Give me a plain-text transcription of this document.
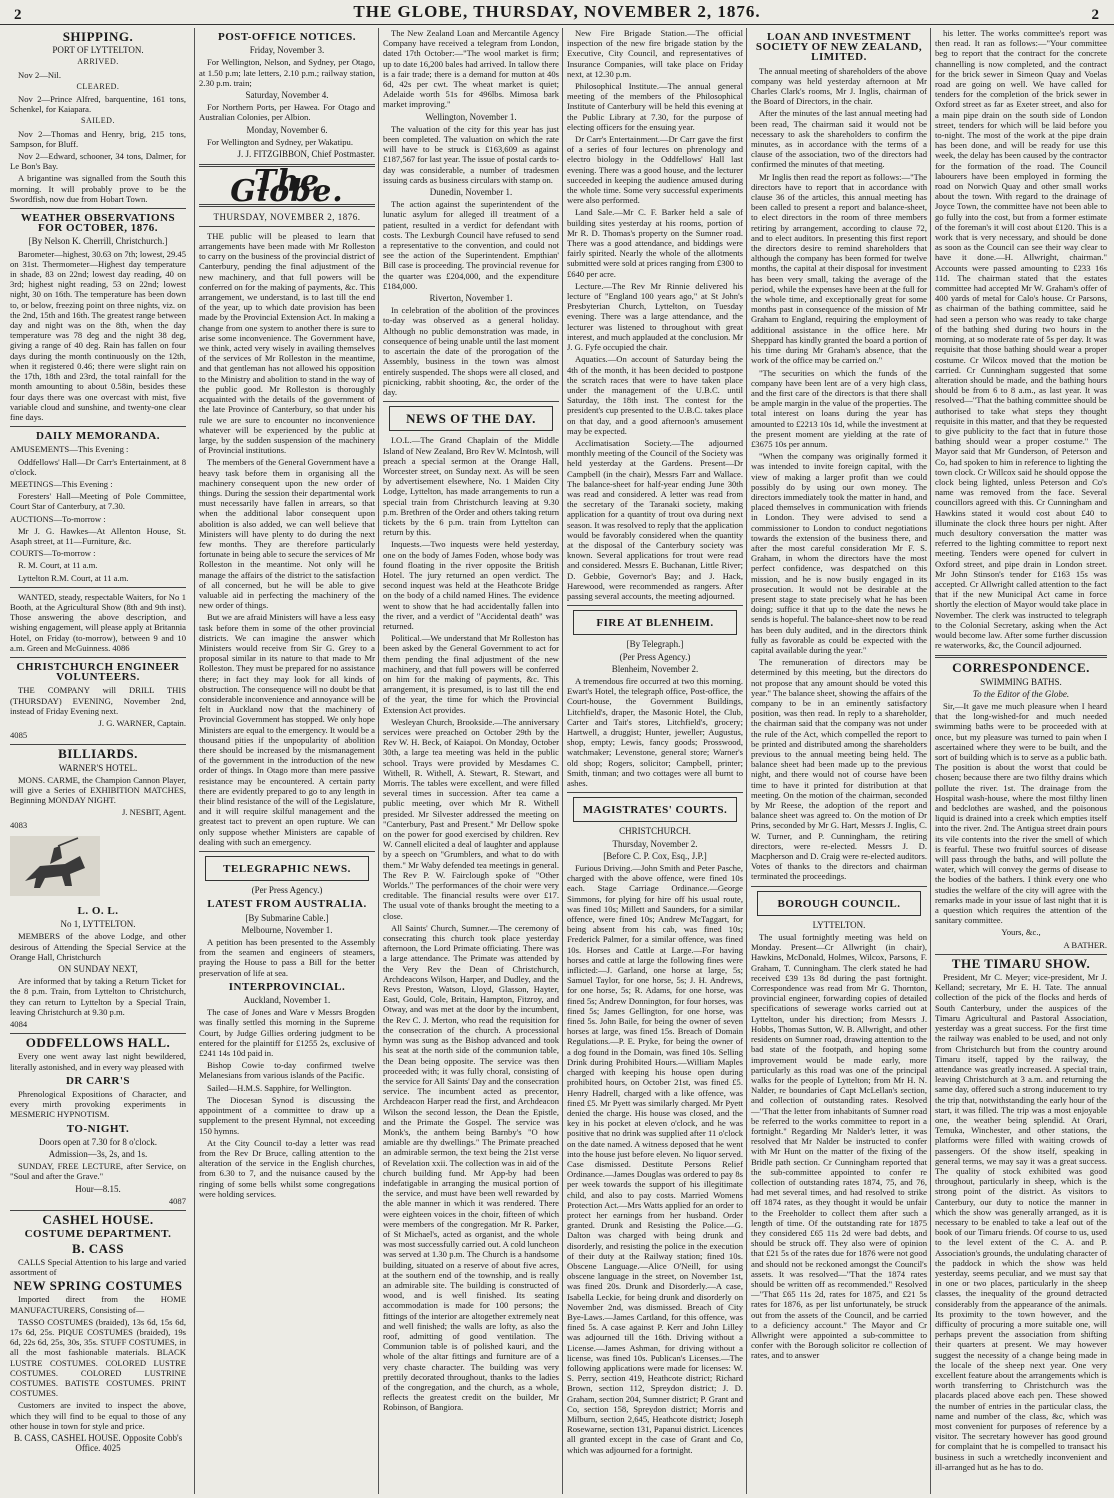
2	THE GLOBE, THURSDAY, NOVEMBER 2, 1876.	2
SHIPPING.
PORT OF LYTTELTON.
ARRIVED.

Nov 2—Nil.

CLEARED.

Nov 2—Prince Alfred, barquentine, 161 tons, Schenkel, for Kaiapara.

SAILED.

Nov 2—Thomas and Henry, brig, 215 tons, Sampson, for Bluff.

Nov 2—Edward, schooner, 34 tons, Dalmer, for Le Bon's Bay.

A brigantine was signalled from the South this morning. It will probably prove to be the Swordfish, now due from Hobart Town.

WEATHER OBSERVATIONS FOR OCTOBER, 1876.
[By Nelson K. Cherrill, Christchurch.]

Barometer—highest, 30.63 on 7th; lowest, 29.45 on 31st. Thermometer—Highest day temperature in shade, 83 on 22nd; lowest day reading, 40 on 3rd; highest night reading, 53 on 22nd; lowest night, 30 on 16th. The temperature has been down to, or below, freezing point on three nights, viz. on the 2nd, 15th and 16th. The greatest range between day and night was on the 8th, when the day temperature was 78 deg and the night 38 deg, giving a range of 40 deg. Rain has fallen on four days during the month continuously on the 12th, when it registered 0.46; there were slight rain on the 17th, 18th and 23rd, the total rainfall for the month amounting to about 0.58in, besides these four days there was one overcast with mist, five variable cloud and sunshine, and twenty-one clear fine days.

DAILY MEMORANDA.
AMUSEMENTS—This Evening :

Oddfellows' Hall—Dr Carr's Entertainment, at 8 o'clock.

MEETINGS—This Evening :

Foresters' Hall—Meeting of Pole Committee, Court Star of Canterbury, at 7.30.

AUCTIONS—To-morrow :

Mr J. G. Hawkes—At Allenton House, St. Asaph street, at 11—Furniture, &c.

COURTS—To-morrow :

R. M. Court, at 11 a.m.

Lyttelton R.M. Court, at 11 a.m.

WANTED, steady, respectable Waiters, for No 1 Booth, at the Agricultural Show (8th and 9th inst). Those answering the above description, and wishing engagement, will please apply at Britannia Hotel, on Friday (to-morrow), between 9 and 10 a.m. Green and McGuinness. 4086

CHRISTCHURCH ENGINEER VOLUNTEERS.

THE COMPANY will DRILL THIS (THURSDAY) EVENING, November 2nd, instead of Friday Evening next.

J. G. WARNER, Captain.
4085
BILLIARDS.
WARNER'S HOTEL.

MONS. CARME, the Champion Cannon Player, will give a Series of EXHIBITION MATCHES, Beginning MONDAY NIGHT.

J. NESBIT, Agent.
4083
L. O. L.
No 1, LYTTELTON.

MEMBERS of the above Lodge, and other desirous of Attending the Special Service at the Orange Hall, Christchurch

ON SUNDAY NEXT,

Are informed that by taking a Return Ticket for the 8 p.m. Train, from Lyttelton to Christchurch, they can return to Lyttelton by a Special Train, leaving Christchurch at 9.30 p.m.

4084
ODDFELLOWS HALL.

Every one went away last night bewildered, literally astonished, and in every way pleased with

DR CARR'S

Phrenological Expositions of Character, and every mirth provoking experiments in MESMERIC HYPNOTISM.

TO-NIGHT.
Doors open at 7.30 for 8 o'clock.
Admission—3s, 2s, and 1s.

SUNDAY, FREE LECTURE, after Service, on "Soul and after the Grave."

Hour—8.15.
4087
CASHEL HOUSE.
COSTUME DEPARTMENT.
B. CASS

CALLS Special Attention to his large and varied assortment of

NEW SPRING COSTUMES

Imported direct from the HOME MANUFACTURERS, Consisting of—

TASSO COSTUMES (braided), 13s 6d, 15s 6d, 17s 6d, 25s. PIQUE COSTUMES (braided), 19s 6d, 22s 6d, 25s, 30s, 35s. STUFF COSTUMES, in all the most fashionable materials. BLACK LUSTRE COSTUMES. COLORED LUSTRE COSTUMES. COLORED LUSTRINE COSTUMES. BATISTE COSTUMES. PRINT COSTUMES.

Customers are invited to inspect the above, which they will find to be equal to those of any other house in town for style and price.

B. CASS, CASHEL HOUSE. Opposite Cobb's Office. 4025
POST-OFFICE NOTICES.
Friday, November 3.

For Wellington, Nelson, and Sydney, per Otago, at 1.50 p.m; late letters, 2.10 p.m.; railway station, 2.30 p.m. train;

Saturday, November 4.

For Northern Ports, per Hawea. For Otago and Australian Colonies, per Albion.

Monday, November 6.

For Wellington and Sydney, per Wakatipu.

J. J. FITZGIBBON, Chief Postmaster.
The Globe.
THURSDAY, NOVEMBER 2, 1876.

THE public will be pleased to learn that arrangements have been made with Mr Rolleston to carry on the business of the provincial district of Canterbury, pending the final adjustment of the new machinery, and that full powers will be conferred on for the making of payments, &c. This arrangement, we understand, is to last till the end of the year, up to which date provision has been made by the Provincial Extension Act. In making a change from one system to another there is sure to arise some inconvenience. The Government have, we think, acted very wisely in availing themselves of the services of Mr Rolleston in the meantime, and that gentleman has not allowed his opposition to the Ministry and abolition to stand in the way of the public good. Mr Rolleston is thoroughly acquainted with the details of the government of the late Province of Canterbury, so that under his rule we are sure to encounter no inconvenience whatever will be experienced by the public at large, by the sudden suspension of the machinery of Provincial institutions.

The members of the General Government have a heavy task before them in organising all the machinery consequent upon the new order of things. During the session their departmental work must necessarily have fallen in arrears, so that when the additional labor consequent upon abolition is also added, we can well believe that Ministers will have plenty to do during the next few months. They are therefore particularly fortunate in being able to secure the services of Mr Rolleston in the meantime. Not only will he manage the affairs of the district to the satisfaction of all concerned, but he will be able to give valuable aid in perfecting the machinery of the new order of things.

But we are afraid Ministers will have a less easy task before them in some of the other provincial districts. We can imagine the answer which Ministers would receive from Sir G. Grey to a proposal similar in its nature to that made to Mr Rolleston. They must be prepared for no assistance there; in fact they may look for all kinds of obstruction. The consequence will no doubt be that considerable inconvenience and annoyance will be felt in Auckland now that the machinery of Provincial Government has stopped. We only hope Ministers are equal to the emergency. It would be a thousand pities if the unpopularity of abolition there should be increased by the mismanagement of the government in the introduction of the new order of things. In Otago more than mere passive resistance may be encountered. A certain party there are evidently prepared to go to any length in their blind resistance of the will of the Legislature, and it will require skilful management and the greatest tact to prevent an open rupture. We can only suppose whether Ministers are capable of dealing with such an emergency.

TELEGRAPHIC NEWS.
(Per Press Agency.)
LATEST FROM AUSTRALIA.
[By Submarine Cable.]
Melbourne, November 1.

A petition has been presented to the Assembly from the seamen and engineers of steamers, praying the House to pass a Bill for the better preservation of life at sea.

INTERPROVINCIAL.
Auckland, November 1.

The case of Jones and Ware v Messrs Brogden was finally settled this morning in the Supreme Court, by Judge Gillies ordering judgment to be entered for the plaintiff for £1255 2s, exclusive of £241 14s 10d paid in.

Bishop Cowie to-day confirmed twelve Melanesians from various islands of the Pacific.

Sailed—H.M.S. Sapphire, for Wellington.

The Diocesan Synod is discussing the appointment of a committee to draw up a supplement to the present Hymnal, not exceeding 150 hymns.

At the City Council to-day a letter was read from the Rev Dr Bruce, calling attention to the alteration of the service in the English churches, from 6.30 to 7, and the nuisance caused by the ringing of some bells whilst some congregations were holding services.

The New Zealand Loan and Mercantile Agency Company have received a telegram from London, dated 17th October:—"The wool market is firm; up to date 16,200 bales had arrived. In tallow there is a fair trade; there is a demand for mutton at 40s 6d, 42s per cwt. The wheat market is quiet; Adelaide worth 51s for 496lbs. Mimosa bark market improving."

Wellington, November 1.

The valuation of the city for this year has just been completed. The valuation on which the rate will have to be struck is £163,609 as against £187,567 for last year. The issue of postal cards to-day was considerable, a number of tradesmen issuing cards as business circulars with stamp on.

Dunedin, November 1.

The action against the superintendent of the lunatic asylum for alleged ill treatment of a patient, resulted in a verdict for defendant with costs. The Lexburgh Council have refused to send a representative to the convention, and could not see the action of the Superintendent. Empthian' Bill case is proceeding. The provincial revenue for the quarter was £204,000, and the expenditure £184,000.

Riverton, November 1.

In celebration of the abolition of the provinces to-day was observed as a general holiday. Although no public demonstration was made, in consequence of being unable until the last moment to ascertain the date of the prorogation of the Assembly, business in the town was almost entirely suspended. The shops were all closed, and picnicking, rabbit shooting, &c, the order of the day.

NEWS OF THE DAY.

I.O.L.—The Grand Chaplain of the Middle Island of New Zealand, Bro Rev W. McIntosh, will preach a special sermon at the Orange Hall, Worcester street, on Sunday next. As will be seen by advertisement elsewhere, No. 1 Maiden City Lodge, Lyttelton, has made arrangements to run a special train from Christchurch leaving at 9.30 p.m. Brethren of the Order and others taking return tickets by the 6 p.m. train from Lyttelton can return by this.

Inquests.—Two inquests were held yesterday, one on the body of James Foden, whose body was found floating in the river opposite the British Hotel. The jury returned an open verdict. The second inquest was held at the Heathcote Bridge on the body of a child named Hines. The evidence went to show that he had accidentally fallen into the river, and a verdict of "Accidental death" was returned.

Political.—We understand that Mr Rolleston has been asked by the General Government to act for them pending the final adjustment of the new machinery, and that full powers will be conferred on him for the making of payments, &c. This arrangement, it is presumed, is to last till the end of the year, the time for which the Provincial Extension Act provides.

Wesleyan Church, Brookside.—The anniversary services were preached on October 29th by the Rev W. H. Beck, of Kaiapoi. On Monday, October 30th, a large tea meeting was held in the public school. Trays were provided by Mesdames C. Withell, R. Withell, A. Stewart, R. Stewart, and Morris. The tables were excellent, and were filled several times in succession. After tea came a public meeting, over which Mr R. Withell presided. Mr Silvester addressed the meeting on "Canterbury, Past and Present." Mr Dellow spoke on the power for good exercised by children. Rev W. Cannell elicited a deal of laughter and applause by a speech on "Grumblers, and what to do with them." Mr Waby defended tea meetings in general. The Rev P. W. Fairclough spoke of "Other Worlds." The performances of the choir were very creditable. The financial results were over £17. The usual vote of thanks brought the meeting to a close.

All Saints' Church, Sumner.—The ceremony of consecrating this church took place yesterday afternoon, the Lord Primate officiating. There was a large attendance. The Primate was attended by the Very Rev the Dean of Christchurch, Archdeacons Wilson, Harper, and Dudley, and the Revs Preston, Watson, Lloyd, Glasson, Hayter, East, Gould, Cole, Britain, Hampton, Fitzroy, and Otway, and was met at the door by the incumbent, the Rev C. J. Merton, who read the requisition for the consecration of the church. A processional hymn was sung as the Bishop advanced and took his seat at the north side of the communion table, the Dean being opposite. The service was then proceeded with; it was fully choral, consisting of the service for All Saints' Day and the consecration service. The incumbent acted as precentor, Archdeacon Harper read the first, and Archdeacon Wilson the second lesson, the Dean the Epistle, and the Primate the Gospel. The service was Monk's, the anthem being Barnby's "O how amiable are thy dwellings." The Primate preached an admirable sermon, the text being the 21st verse of Revelation xxii. The collection was in aid of the church building fund. Mr App-by had been indefatigable in arranging the musical portion of the service, and must have been well rewarded by the able manner in which it was rendered. There were eighteen voices in the choir, fifteen of which were members of the congregation. Mr R. Parker, of St Michael's, acted as organist, and the whole was most successfully carried out. A cold luncheon was served at 1.30 p.m. The Church is a handsome building, situated on a reserve of about five acres, at the southern end of the township, and is really an admirable site. The building is constructed of wood, and is well finished. Its seating accommodation is made for 100 persons; the fittings of the interior are altogether extremely neat and well finished; the walls are lofty, as also the roof, admitting of good ventilation. The Communion table is of polished kauri, and the whole of the altar fittings and furniture are of a very chaste character. The building was very prettily decorated throughout, thanks to the ladies of the congregation, and the church, as a whole, reflects the greatest credit on the builder, Mr Robinson, of Bangiora.

New Fire Brigade Station.—The official inspection of the new fire brigade station by the Executive, City Council, and representatives of Insurance Companies, will take place on Friday next, at 12.30 p.m.

Philosophical Institute.—The annual general meeting of the members of the Philosophical Institute of Canterbury will be held this evening at the Public Library at 7.30, for the purpose of electing officers for the ensuing year.

Dr Carr's Entertainment.—Dr Carr gave the first of a series of four lectures on phrenology and electro biology in the Oddfellows' Hall last evening. There was a good house, and the lecturer succeeded in keeping the audience amused during the whole time. Some very successful experiments were also performed.

Land Sale.—Mr C. F. Barker held a sale of building sites yesterday at his rooms, portion of Mr R. D. Thomas's property on the Sumner road. There was a good attendance, and biddings were fairly spirited. Nearly the whole of the allotments submitted were sold at prices ranging from £300 to £640 per acre.

Lecture.—The Rev Mr Rinnie delivered his lecture of "England 100 years ago," at St John's Presbyterian Church, Lyttelton, on Tuesday evening. There was a large attendance, and the lecturer was listened to throughout with great interest, and much applauded at the conclusion. Mr J. G. Fyfe occupied the chair.

Aquatics.—On account of Saturday being the 4th of the month, it has been decided to postpone the scratch races that were to have taken place under the management of the U.B.C. until Saturday, the 18th inst. The contest for the president's cup presented to the U.B.C. takes place on that day, and a good afternoon's amusement may be expected.

Acclimatisation Society.—The adjourned monthly meeting of the Council of the Society was held yesterday at the Gardens. Present—Dr Campbell (in the chair), Messrs Farr and Wallace. The balance-sheet for half-year ending June 30th was read and considered. A letter was read from the secretary of the Taranaki society, making application for a quantity of trout ova during next season. It was resolved to reply that the application would be favorably considered when the quantity at the disposal of the Canterbury society was known. Several applications for trout were read and considered. Messrs E. Buchanan, Little River; D. Gebbie, Governor's Bay; and J. Hack, Harewood, were recommended as rangers. After passing several accounts, the meeting adjourned.

FIRE AT BLENHEIM.
[By Telegraph.]
(Per Press Agency.)
Blenheim, November 2.

A tremendous fire occurred at two this morning. Ewart's Hotel, the telegraph office, Post-office, the Court-house, the Government Buildings, Litchfield's, draper, the Masonic Hotel, the Club, Carter and Tait's stores, Litchfield's, grocery; Hartwell, a druggist; Hunter, jeweller; Augustus, shop, empty; Lewis, fancy goods; Prosswood, watchmaker; Levenstone, general store; Warner's old shop; Rogers, solicitor; Campbell, printer; Smith, tinman; and two cottages were all burnt to ashes.

MAGISTRATES' COURTS.
CHRISTCHURCH.
Thursday, November 2.
[Before C. P. Cox, Esq., J.P.]

Furious Driving.—John Smith and Peter Pasche, charged with the above offence, were fined 10s each. Stage Carriage Ordinance.—George Simmons, for plying for hire off his usual route, was fined 10s; Millett and Saunders, for a similar offence, were fined 10s; Andrew McTaggart, for being absent from his cab, was fined 10s; Frederick Palmer, for a similar offence, was fined 10s. Horses and Cattle at Large.—For having horses and cattle at large the following fines were inflicted:—J. Garland, one horse at large, 5s; Samuel Taylor, for one horse, 5s; J. H. Andrews, for one horse, 5s; R. Adams, for one horse, was fined 5s; Andrew Donnington, for four horses, was fined 5s; James Gellington, for one horse, was fined 5s. John Baile, for being the owner of seven horses at large, was fined 15s. Breach of Domain Regulations.—P. E. Pryke, for being the owner of a dog found in the Domain, was fined 10s. Selling Drink during Prohibited Hours.—William Maples charged with keeping his house open during prohibited hours, on October 21st, was fined £5. Henry Hadrell, charged with a like offence, was fined £5. Mr Pyett was similarly charged. Mr Pyett denied the charge. His house was closed, and the key in his pocket at eleven o'clock, and he was positive that no drink was supplied after 11 o'clock on the date named. A witness deposed that he went into the house just before eleven. No liquor served. Case dismissed. Destitute Persons Relief Ordinance.—James Douglas was ordered to pay 8s per week towards the support of his illegitimate child, and also to pay costs. Married Womens Protection Act.—Mrs Watts applied for an order to protect her earnings from her husband. Order granted. Drunk and Resisting the Police.—G. Dalton was charged with being drunk and disorderly, and resisting the police in the execution of their duty at the Railway station; fined 10s. Obscene Language.—Alice O'Neill, for using obscene language in the street, on November 1st, was fined 20s. Drunk and Disorderly.—A case, Isabella Leckie, for being drunk and disorderly on November 2nd, was dismissed. Breach of City Bye-Laws.—James Cartland, for this offence, was fined 5s. A case against P. Kerr and John Lilley was adjourned till the 16th. Driving without a License.—James Ashman, for driving without a license, was fined 10s. Publican's Licenses.—The following applications were made for licenses: W. S. Perry, section 419, Heathcote district; Richard Brown, section 112, Spreydon district; J. D. Graham, section 204, Sumner district; P. Grant and Co, section 158, Spreydon district; Morris and Milburn, section 2,645, Heathcote district; Joseph Rosewarne, section 131, Papanui district. Licences all granted except in the case of Grant and Co, which was adjourned for a fortnight.

LOAN AND INVESTMENT SOCIETY OF NEW ZEALAND, LIMITED.

The annual meeting of shareholders of the above company was held yesterday afternoon at Mr Charles Clark's rooms, Mr J. Inglis, chairman of the Board of Directors, in the chair.

After the minutes of the last annual meeting had been read, The chairman said it would not be necessary to ask the shareholders to confirm the minutes, as in accordance with the terms of a clause of the association, two of the directors had confirmed the minutes of that meeting.

Mr Inglis then read the report as follows:—"The directors have to report that in accordance with clause 36 of the articles, this annual meeting has been called to present a report and balance-sheet, to elect directors in the room of three members retiring by arrangement, according to clause 72, and to elect auditors. In presenting this first report the directors desire to remind shareholders that although the company has been formed for twelve months, the capital at their disposal for investment has been very small, taking the average of the period, while the expenses have been at the full for the whole time, and exceptionally great for some months past in consequence of the mission of Mr Graham to England, requiring the employment of additional assistance in the office here. Mr Sheppard has kindly granted the board a portion of his time during Mr Graham's absence, that the work of the office may be carried on."

"The securities on which the funds of the company have been lent are of a very high class, and the first care of the directors is that there shall be ample margin in the value of the properties. The total interest on loans during the year has amounted to £2213 10s 1d, while the investment at the present moment are yielding at the rate of £3675 10s per annum.

"When the company was originally formed it was intended to invite foreign capital, with the view of making a larger profit than we could possibly do by using our own money. The directors immediately took the matter in hand, and placed themselves in communication with friends in London. They were advised to send a commissioner to London to conduct negotiations towards the extension of the business there, and after the most careful consideration Mr F. S. Graham, in whom the directors have the most perfect confidence, was despatched on this mission, and he is now busily engaged in its prosecution. It would not be desirable at the present stage to state precisely what he has been doing; suffice it that up to the date the news he sends is hopeful. The balance-sheet now to be read has been duly audited, and in the directors think fully as favorable as could be expected with the capital available during the year."

The remuneration of directors may be determined by this meeting, but the directors do not propose that any amount should be voted this year." The balance sheet, showing the affairs of the company to be in an eminently satisfactory position, was then read. In reply to a shareholder, the chairman said that the company was not under the rule of the Act, which compelled the report to be printed and distributed among the shareholders previous to the annual meeting being held. The balance sheet had been made up to the previous night, and there would not of course have been time to have it printed for distribution at that meeting. On the motion of the chairman, seconded by Mr Reese, the adoption of the report and balance sheet was agreed to. On the motion of Dr Prins, seconded by Mr G. Hart, Messrs J. Inglis, C. W. Turner, and P. Cunningham, the retiring directors, were re-elected. Messrs J. D. Macpherson and D. Craig were re-elected auditors. Votes of thanks to the directors and chairman terminated the proceedings.

BOROUGH COUNCIL.
LYTTELTON.

The usual fortnightly meeting was held on Monday. Present—Cr Allwright (in chair), Hawkins, McDonald, Holmes, Wilcox, Parsons, F. Graham, T. Cunningham. The clerk stated he had received £39 13s 8d during the past fortnight. Correspondence was read from Mr G. Thornton, provincial engineer, forwarding copies of detailed specifications of sewerage works carried out at Lyttelton, under his direction; from Messrs J. Hobbs, Thomas Sutton, W. B. Allwright, and other residents on Sumner road, drawing attention to the bad state of the footpath, and hoping some improvement would be made early, more particularly as this road was one of the principal walks for the people of Lyttelton; from Mr H. N. Nalder, re boundaries of Capt McLellan's section, and collection of outstanding rates. Resolved—"That the letter from inhabitants of Sumner road be referred to the works committee to report in a fortnight." Regarding Mr Nalder's letter, it was resolved that Mr Nalder be instructed to confer with Mr Hunt on the matter of the fixing of the Bridle path section. Cr Cunningham reported that the sub-committee appointed to confer re collection of outstanding rates 1874, 75, and 76, had met several times, and had resolved to strike off 1874 rates, as they thought it would be unfair to the Freeholder to collect them after such a length of time. Of the outstanding rate for 1875 they considered £65 11s 2d were bad debts, and should be struck off. They also were of opinion that £21 5s of the rates due for 1876 were not good and should not be reckoned amongst the Council's assets. It was resolved—"That the 1874 rates should be written off as recommended." Resolved—"That £65 11s 2d, rates for 1875, and £21 5s rates for 1876, as per list unfortunately, be struck out from the assets of the Council, and be carried to a deficiency account." The Mayor and Cr Allwright were appointed a sub-committee to confer with the Borough solicitor re collection of rates, and to answer

his letter. The works committee's report was then read. It ran as follows:—"Your committee beg to report that the contract for the concrete channelling is now completed, and the contract for the brick sewer in Simeon Quay and Voelas road are going on well. We have called for tenders for the completion of the brick sewer in Oxford street as far as Exeter street, and also for a main pipe drain on the south side of London street, tenders for which will be laid before you to-night. The most of the work at the pipe drain has been done, and will be ready for use this week, the delay has been caused by the contractor for the formation of the road. The Council labourers have been employed in forming the road on Norwich Quay and other small works about the town. With regard to the drainage of Joyce Town, the committee have not been able to go fully into the cost, but from a former estimate of the foreman's it will cost about £120. This is a work that is very necessary, and should be done as soon as the Council can see their way clear to have it done.—H. Allwright, chairman." Accounts were passed amounting to £233 16s 11d. The chairman stated that the estates committee had accepted Mr W. Graham's offer of 400 yards of metal for Calo's house. Cr Parsons, as chairman of the bathing committee, said he had seen a person who was ready to take charge of the bathing shed during two hours in the morning, at so moderate rate of 5s per day. It was requisite that those bathing should wear a proper costume. Cr Wilcox moved that the motion be carried. Cr Cunningham suggested that some alteration should be made, and the bathing hours should be from 6 to 8 a.m., as last year. It was resolved—"That the bathing committee should be authorised to take what steps they thought requisite in this matter, and that they be requested to give publicity to the fact that in future those bathing should wear a proper costume." The Mayor said that Mr Gunderson, of Peterson and Co, had spoken to him in reference to lighting the town clock. Cr Willcox said he should oppose the clock being lighted, unless Peterson and Co's name was removed from the face. Several councillors agreed with this. Cr Cunningham and Hawkins stated it would cost about £40 to illuminate the clock three hours per night. After much desultory conversation the matter was referred to the lighting committee to report next meeting. Tenders were opened for culvert in Oxford street, and pipe drain in London street. Mr John Stinson's tender for £163 15s was accepted. Cr Allwright called attention to the fact that if the new Municipal Act came in force shortly the election of Mayor would take place in November. The clerk was instructed to telegraph to the Colonial Secretary, asking when the Act would become law. After some further discussion re waterworks, &c, the Council adjourned.

CORRESPONDENCE.
SWIMMING BATHS.
To the Editor of the Globe.

Sir,—It gave me much pleasure when I heard that the long-wished-for and much needed swimming baths were to be proceeded with at once, but my pleasure was turned to pain when I ascertained where they were to be built, and the sort of building which is to serve as a public bath. The position is about the worst that could be chosen; because there are two filthy drains which pollute the river. 1st. The drainage from the Hospital wash-house, where the most filthy linen and bedclothes are washed, and the poisonous liquid is drained into a creek which empties itself into the river. 2nd. The Antigua street drain pours its vile contents into the river the smell of which is fearful. These two fruitful sources of disease will pass through the baths, and will pollute the water, which will convey the germs of disease to the bodies of the bathers. I think every one who studies the welfare of the city will agree with the remarks made in your issue of last night that it is a question which requires the attention of the sanitary committee.

Yours, &c.,
A BATHER.
THE TIMARU SHOW.

President, Mr C. Meyer; vice-president, Mr J. Kelland; secretary, Mr E. H. Tate. The annual collection of the pick of the flocks and herds of South Canterbury, under the auspices of the Timaru Agricultural and Pastoral Association, yesterday was a great success. For the first time the railway was enabled to be used, and not only from Christchurch but from the country around Timaru itself, tapped by the railway, the attendance was greatly increased. A special train, leaving Christchurch at 3 a.m. and returning the same day, offered such a strong inducement to try the trip that, notwithstanding the early hour of the start, it was filled. The trip was a most enjoyable one, the weather being splendid. At Orari, Temuka, Winchester, and other stations, the platforms were filled with waiting crowds of passengers. Of the show itself, speaking in general terms, we may say it was a great success. The quality of stock exhibited was good throughout, particularly in sheep, which is the strong point of the district. As visitors to Canterbury, our duty to notice the manner in which the show was generally arranged, as it is necessary to be enabled to take a leaf out of the book of our Timaru friends. Of course to us, used to the level extent of the C. A. and P. Association's grounds, the undulating character of the paddock in which the show was held yesterday, seems peculiar, and we must say that in one or two places, particularly in the sheep classes, the inequality of the ground detracted considerably from the appearance of the animals. Its proximity to the town however, and the difficulty of procuring a more suitable one, will perhaps prevent the association from shifting their quarters at present. We may however suggest the necessity of a change being made in the locale of the sheep next year. One very excellent feature about the arrangements which is worth transferring to Christchurch was the placards placed above each pen. These showed the number of entries in the particular class, the name and number of the class, &c, which was most convenient for purposes of reference by a visitor. The secretary however has good ground for complaint that he is compelled to transact his business in such a wretchedly inconvenient and ill-arranged hut as he has to do.
